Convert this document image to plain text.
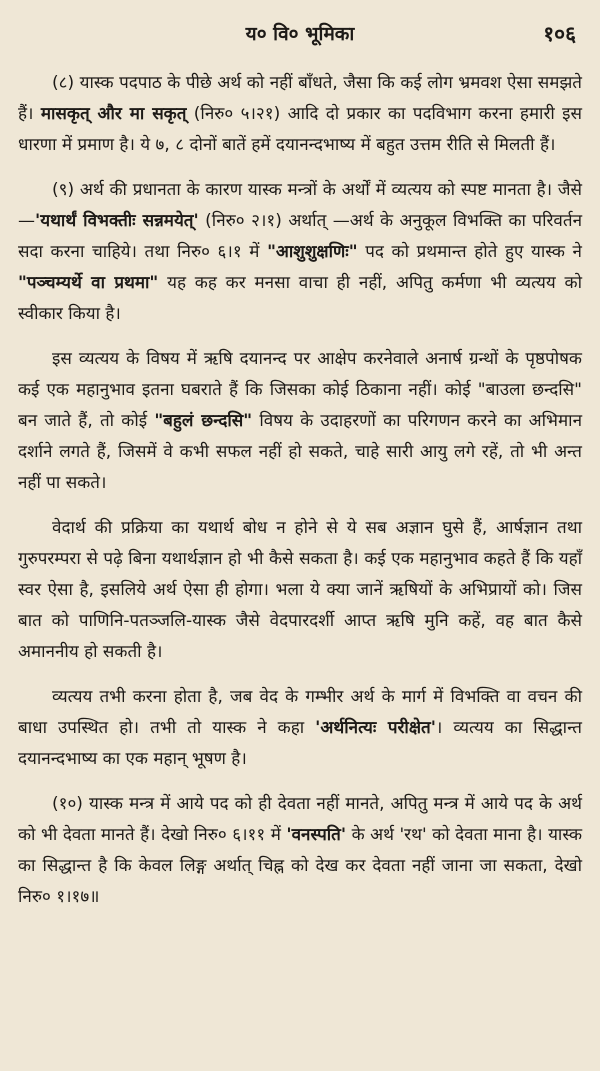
य० वि० भूमिका	१०६

(८) यास्क पदपाठ के पीछे अर्थ को नहीं बाँधते, जैसा कि कई लोग भ्रमवश ऐसा समझते हैं। मासकृत् और मा सकृत् (निरु० ५।२१) आदि दो प्रकार का पदविभाग करना हमारी इस धारणा में प्रमाण है। ये ७, ८ दोनों बातें हमें दयानन्दभाष्य में बहुत उत्तम रीति से मिलती हैं।

(९) अर्थ की प्रधानता के कारण यास्क मन्त्रों के अर्थों में व्यत्यय को स्पष्ट मानता है। जैसे —'यथार्थं विभक्तीः सन्नमयेत्' (निरु० २।१) अर्थात् —अर्थ के अनुकूल विभक्ति का परिवर्तन सदा करना चाहिये। तथा निरु० ६।१ में "आशुशुक्षणिः" पद को प्रथमान्त होते हुए यास्क ने "पञ्चम्यर्थे वा प्रथमा" यह कह कर मनसा वाचा ही नहीं, अपितु कर्मणा भी व्यत्यय को स्वीकार किया है।

इस व्यत्यय के विषय में ऋषि दयानन्द पर आक्षेप करनेवाले अनार्ष ग्रन्थों के पृष्ठपोषक कई एक महानुभाव इतना घबराते हैं कि जिसका कोई ठिकाना नहीं। कोई "बाउला छन्दसि" बन जाते हैं, तो कोई "बहुलं छन्दसि" विषय के उदाहरणों का परिगणन करने का अभिमान दर्शाने लगते हैं, जिसमें वे कभी सफल नहीं हो सकते, चाहे सारी आयु लगे रहें, तो भी अन्त नहीं पा सकते।

वेदार्थ की प्रक्रिया का यथार्थ बोध न होने से ये सब अज्ञान घुसे हैं, आर्षज्ञान तथा गुरुपरम्परा से पढ़े बिना यथार्थज्ञान हो भी कैसे सकता है। कई एक महानुभाव कहते हैं कि यहाँ स्वर ऐसा है, इसलिये अर्थ ऐसा ही होगा। भला ये क्या जानें ऋषियों के अभिप्रायों को। जिस बात को पाणिनि-पतञ्जलि-यास्क जैसे वेदपारदर्शी आप्त ऋषि मुनि कहें, वह बात कैसे अमाननीय हो सकती है।

व्यत्यय तभी करना होता है, जब वेद के गम्भीर अर्थ के मार्ग में विभक्ति वा वचन की बाधा उपस्थित हो। तभी तो यास्क ने कहा 'अर्थनित्यः परीक्षेत'। व्यत्यय का सिद्धान्त दयानन्दभाष्य का एक महान् भूषण है।

(१०) यास्क मन्त्र में आये पद को ही देवता नहीं मानते, अपितु मन्त्र में आये पद के अर्थ को भी देवता मानते हैं। देखो निरु० ६।११ में 'वनस्पति' के अर्थ 'रथ' को देवता माना है। यास्क का सिद्धान्त है कि केवल लिङ्ग अर्थात् चिह्न को देख कर देवता नहीं जाना जा सकता, देखो निरु० १।१७॥
